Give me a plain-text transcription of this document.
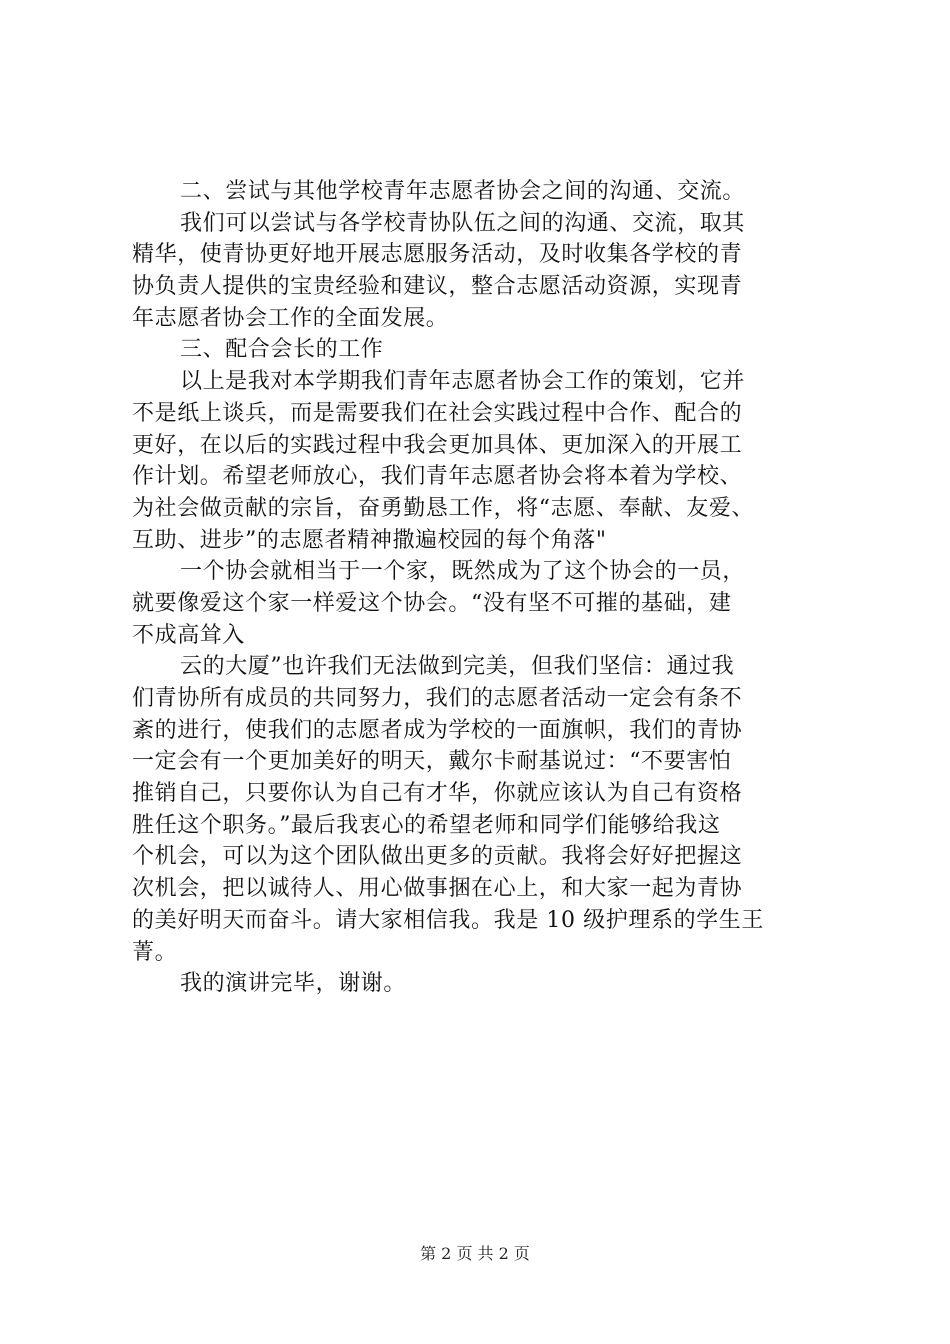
二、尝试与其他学校青年志愿者协会之间的沟通、交流。
我们可以尝试与各学校青协队伍之间的沟通、交流，取其
精华，使青协更好地开展志愿服务活动，及时收集各学校的青
协负责人提供的宝贵经验和建议，整合志愿活动资源，实现青
年志愿者协会工作的全面发展。
三、配合会长的工作
以上是我对本学期我们青年志愿者协会工作的策划，它并
不是纸上谈兵，而是需要我们在社会实践过程中合作、配合的
更好，在以后的实践过程中我会更加具体、更加深入的开展工
作计划。希望老师放心，我们青年志愿者协会将本着为学校、
为社会做贡献的宗旨，奋勇勤恳工作，将“志愿、奉献、友爱、
互助、进步”的志愿者精神撒遍校园的每个角落"
一个协会就相当于一个家，既然成为了这个协会的一员，
就要像爱这个家一样爱这个协会。“没有坚不可摧的基础，建
不成高耸入
云的大厦”也许我们无法做到完美，但我们坚信：通过我
们青协所有成员的共同努力，我们的志愿者活动一定会有条不
紊的进行，使我们的志愿者成为学校的一面旗帜，我们的青协
一定会有一个更加美好的明天，戴尔卡耐基说过：“不要害怕
推销自己，只要你认为自己有才华，你就应该认为自己有资格
胜任这个职务。”最后我衷心的希望老师和同学们能够给我这
个机会，可以为这个团队做出更多的贡献。我将会好好把握这
次机会，把以诚待人、用心做事捆在心上，和大家一起为青协
的美好明天而奋斗。请大家相信我。我是 10 级护理系的学生王
菁。
我的演讲完毕，谢谢。
第 2 页 共 2 页
